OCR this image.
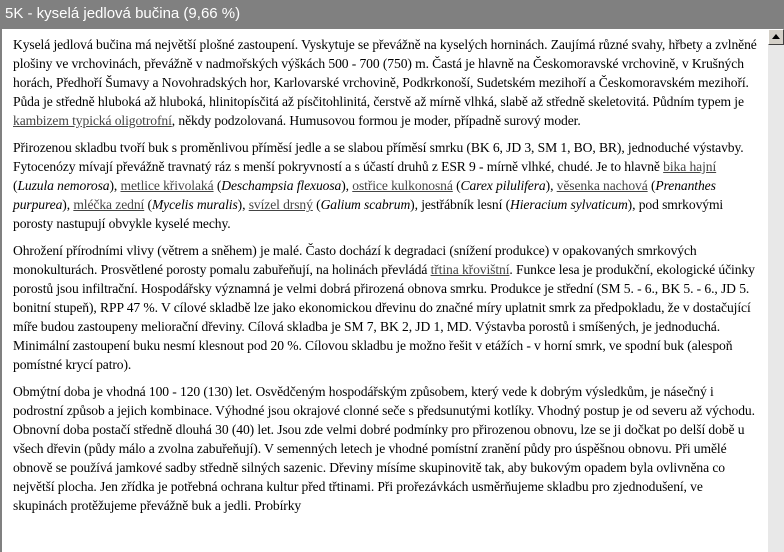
5K - kyselá jedlová bučina (9,66 %)

Kyselá jedlová bučina má největší plošné zastoupení. Vyskytuje se převážně na kyselých horninách. Zaujímá různé svahy, hřbety a zvlněné plošiny ve vrchovinách, převážně v nadmořských výškách 500 - 700 (750) m. Častá je hlavně na Českomoravské vrchovině, v Krušných horách, Předhoří Šumavy a Novohradských hor, Karlovarské vrchovině, Podkrkonoší, Sudetském mezihoří a Českomoravském mezihoří. Půda je středně hluboká až hluboká, hlinitopísčitá až písčitohlinitá, čerstvě až mírně vlhká, slabě až středně skeletovitá. Půdním typem je kambizem typická oligotrofní, někdy podzolovaná. Humusovou formou je moder, případně surový moder.

Přirozenou skladbu tvoří buk s proměnlivou příměsí jedle a se slabou příměsí smrku (BK 6, JD 3, SM 1, BO, BR), jednoduché výstavby. Fytocenózy mívají převážně travnatý ráz s menší pokryvností a s účastí druhů z ESR 9 - mírně vlhké, chudé. Je to hlavně bika hajní (Luzula nemorosa), metlice křivolaká (Deschampsia flexuosa), ostřice kulkonosná (Carex pilulifera), věsenka nachová (Prenanthes purpurea), mléčka zední (Mycelis muralis), svízel drsný (Galium scabrum), jestřábník lesní (Hieracium sylvaticum), pod smrkovými porosty nastupují obvykle kyselé mechy.

Ohrožení přírodními vlivy (větrem a sněhem) je malé. Často dochází k degradaci (snížení produkce) v opakovaných smrkových monokulturách. Prosvětlené porosty pomalu zabuřeňují, na holinách převládá třtina křovištní. Funkce lesa je produkční, ekologické účinky porostů jsou infiltrační. Hospodářsky významná je velmi dobrá přirozená obnova smrku. Produkce je střední (SM 5. - 6., BK 5. - 6., JD 5. bonitní stupeň), RPP 47 %. V cílové skladbě lze jako ekonomickou dřevinu do značné míry uplatnit smrk za předpokladu, že v dostačující míře budou zastoupeny meliorační dřeviny. Cílová skladba je SM 7, BK 2, JD 1, MD. Výstavba porostů i smíšených, je jednoduchá. Minimální zastoupení buku nesmí klesnout pod 20 %. Cílovou skladbu je možno řešit v etážích - v horní smrk, ve spodní buk (alespoň pomístné krycí patro).

Obmýtní doba je vhodná 100 - 120 (130) let. Osvědčeným hospodářským způsobem, který vede k dobrým výsledkům, je násečný i podrostní způsob a jejich kombinace. Výhodné jsou okrajové clonné seče s předsunutými kotlíky. Vhodný postup je od severu až východu. Obnovní doba postačí středně dlouhá 30 (40) let. Jsou zde velmi dobré podmínky pro přirozenou obnovu, lze se ji dočkat po delší době u všech dřevin (půdy málo a zvolna zabuřeňují). V semenných letech je vhodné pomístní zranění půdy pro úspěšnou obnovu. Při umělé obnově se používá jamkové sadby středně silných sazenic. Dřeviny mísíme skupinovitě tak, aby bukovým opadem byla ovlivněna co největší plocha. Jen zřídka je potřebná ochrana kultur před třtinami. Při prořezávkách usměrňujeme skladbu pro zjednodušení, ve skupinách protěžujeme převážně buk a jedli. Probírky
